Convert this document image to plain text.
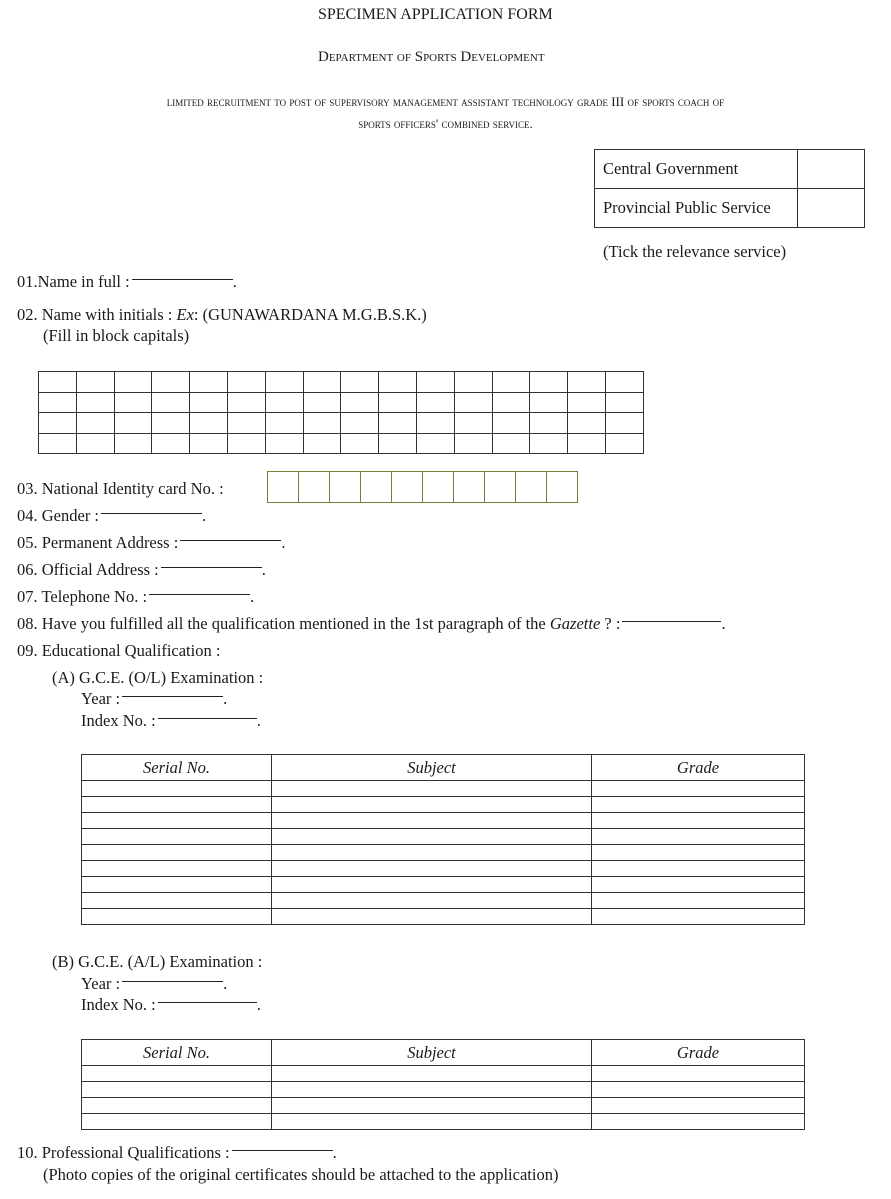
SPECIMEN APPLICATION FORM
Department of Sports Development
limited recruitment to post of supervisory management assistant technology grade III of sports coach of
sports officers' combined service.
Central Government	
Provincial Public Service	
(Tick the relevance service)
01.Name in full :	.
02. Name with initials : Ex: (GUNAWARDANA M.G.B.S.K.)
(Fill in block capitals)

03. National Identity card No. :

04. Gender :	.
05. Permanent Address :	.
06. Official Address :	.
07. Telephone No. :	.
08. Have you fulfilled all the qualification mentioned in the 1st paragraph of the Gazette ? :	.
09. Educational Qualification :
(A) G.C.E. (O/L) Examination :
Year :	.
Index No. :	.
Serial No.	Subject	Grade

(B) G.C.E. (A/L) Examination :
Year :	.
Index No. :	.
Serial No.	Subject	Grade

10. Professional Qualifications :	.
(Photo copies of the original certificates should be attached to the application)
